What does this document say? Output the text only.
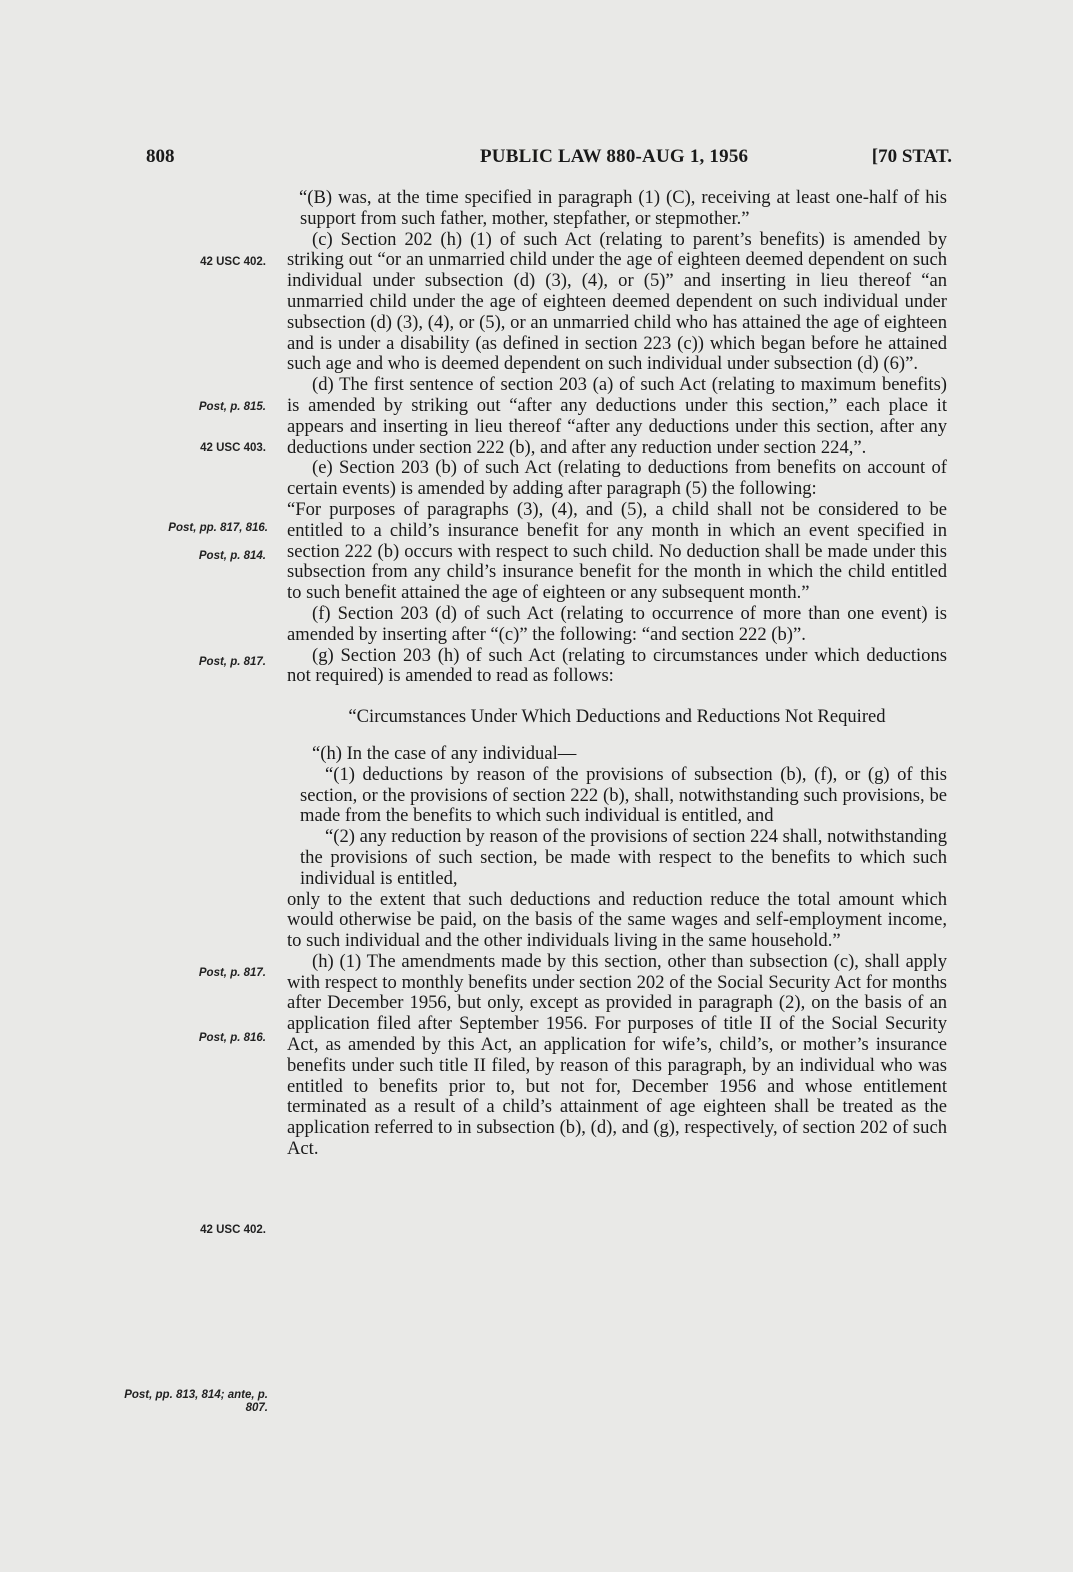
808	PUBLIC LAW 880-AUG 1, 1956	[70 STAT.
42 USC 402.
Post, p. 815.
42 USC 403.
Post, pp. 817, 816.
Post, p. 814.
Post, p. 817.
Post, p. 817.
Post, p. 816.
42 USC 402.
Post, pp. 813, 814; ante, p. 807.

“(B) was, at the time specified in paragraph (1) (C), receiving at least one-half of his support from such father, mother, stepfather, or stepmother.”

(c) Section 202 (h) (1) of such Act (relating to parent’s benefits) is amended by striking out “or an unmarried child under the age of eighteen deemed dependent on such individual under subsection (d) (3), (4), or (5)” and inserting in lieu thereof “an unmarried child under the age of eighteen deemed dependent on such individual under subsection (d) (3), (4), or (5), or an unmarried child who has attained the age of eighteen and is under a disability (as defined in section 223 (c)) which began before he attained such age and who is deemed dependent on such individual under subsection (d) (6)”.

(d) The first sentence of section 203 (a) of such Act (relating to maximum benefits) is amended by striking out “after any deductions under this section,” each place it appears and inserting in lieu thereof “after any deductions under this section, after any deductions under section 222 (b), and after any reduction under section 224,”.

(e) Section 203 (b) of such Act (relating to deductions from benefits on account of certain events) is amended by adding after paragraph (5) the following:

“For purposes of paragraphs (3), (4), and (5), a child shall not be considered to be entitled to a child’s insurance benefit for any month in which an event specified in section 222 (b) occurs with respect to such child. No deduction shall be made under this subsection from any child’s insurance benefit for the month in which the child entitled to such benefit attained the age of eighteen or any subsequent month.”

(f) Section 203 (d) of such Act (relating to occurrence of more than one event) is amended by inserting after “(c)” the following: “and section 222 (b)”.

(g) Section 203 (h) of such Act (relating to circumstances under which deductions not required) is amended to read as follows:

“Circumstances Under Which Deductions and Reductions Not Required

“(h) In the case of any individual—

“(1) deductions by reason of the provisions of subsection (b), (f), or (g) of this section, or the provisions of section 222 (b), shall, notwithstanding such provisions, be made from the benefits to which such individual is entitled, and

“(2) any reduction by reason of the provisions of section 224 shall, notwithstanding the provisions of such section, be made with respect to the benefits to which such individual is entitled,

only to the extent that such deductions and reduction reduce the total amount which would otherwise be paid, on the basis of the same wages and self-employment income, to such individual and the other individuals living in the same household.”

(h) (1) The amendments made by this section, other than subsection (c), shall apply with respect to monthly benefits under section 202 of the Social Security Act for months after December 1956, but only, except as provided in paragraph (2), on the basis of an application filed after September 1956. For purposes of title II of the Social Security Act, as amended by this Act, an application for wife’s, child’s, or mother’s insurance benefits under such title II filed, by reason of this paragraph, by an individual who was entitled to benefits prior to, but not for, December 1956 and whose entitlement terminated as a result of a child’s attainment of age eighteen shall be treated as the application referred to in subsection (b), (d), and (g), respectively, of section 202 of such Act.
